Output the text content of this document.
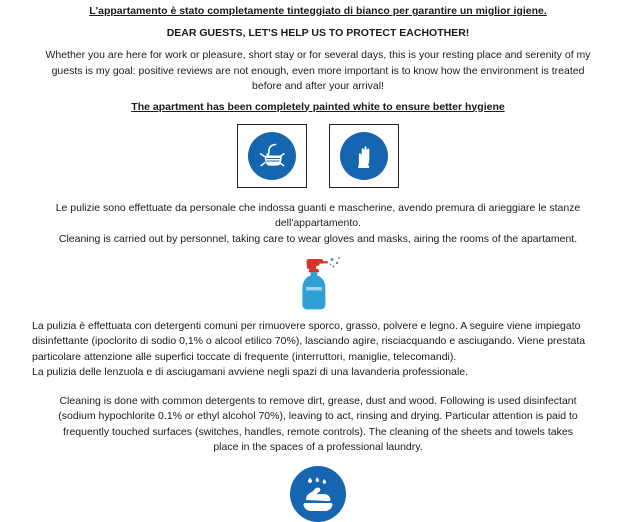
L'appartamento è stato completamente tinteggiato di bianco per garantire un miglior igiene.
DEAR GUESTS, LET'S HELP US TO PROTECT EACHOTHER!
Whether you are here for work or pleasure, short stay or for several days, this is your resting place and serenity of my guests is my goal: positive reviews are not enough, even more important is to know how the environment is treated before and after your arrival!
The apartment has been completely painted white to ensure better hygiene
Le pulizie sono effettuate da personale che indossa guanti e mascherine, avendo premura di arieggiare le stanze
dell'appartamento.
Cleaning is carried out by personnel, taking care to wear gloves and masks, airing the rooms of the apartament.
La pulizia è effettuata con detergenti comuni per rimuovere sporco, grasso, polvere e legno. A seguire viene impiegato disinfettante (ipoclorito di sodio 0,1% o alcool etilico 70%), lasciando agire, risciacquando e asciugando. Viene prestata particolare attenzione alle superfici toccate di frequente (interruttori, maniglie, telecomandi).
La pulizia delle lenzuola e di asciugamani avviene negli spazi di una lavanderia professionale.
Cleaning is done with common detergents to remove dirt, grease, dust and wood. Following is used disinfectant (sodium hypochlorite 0.1% or ethyl alcohol 70%), leaving to act, rinsing and drying. Particular attention is paid to frequently touched surfaces (switches, handles, remote controls). The cleaning of the sheets and towels takes place in the spaces of a professional laundry.
